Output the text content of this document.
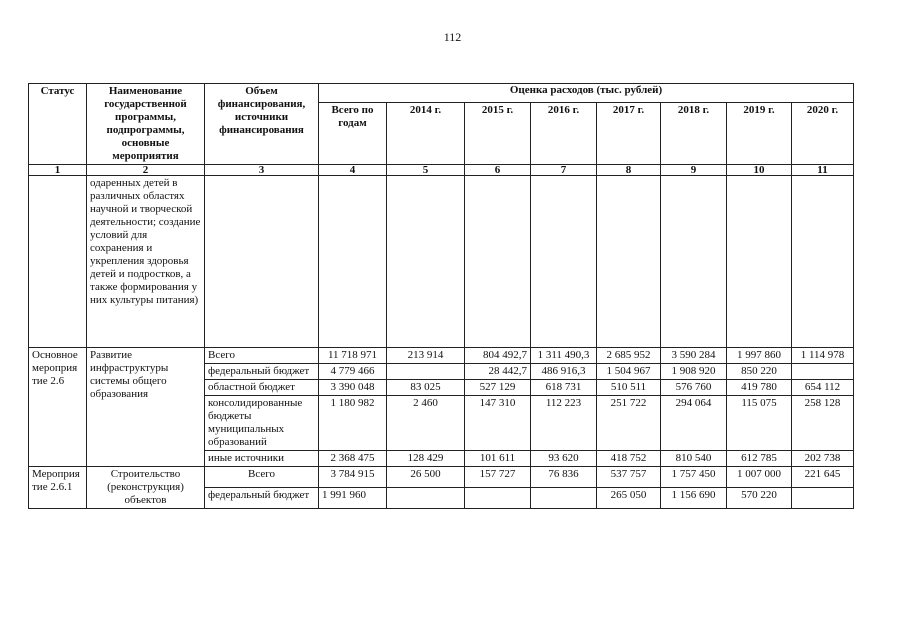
112
Статус	Наименование государственной программы, подпрограммы, основные мероприятия	Объем финансирования, источники финансирования	Оценка расходов (тыс. рублей)							
			Всего по годам	2014 г.	2015 г.	2016 г.	2017 г.	2018 г.	2019 г.	2020 г.
1	2	3	4	5	6	7	8	9	10	11
	одаренных детей в различных областях научной и творческой деятельности; создание условий для сохранения и укрепления здоровья детей и подростков, а также формирования у них культуры питания)									
Основное мероприя тие 2.6	Развитие инфраструктуры системы общего образования	Всего	11 718 971	213 914	804 492,7	1 311 490,3	2 685 952	3 590 284	1 997 860	1 114 978
		федеральный бюджет	4 779 466		28 442,7	486 916,3	1 504 967	1 908 920	850 220	
		областной бюджет	3 390 048	83 025	527 129	618 731	510 511	576 760	419 780	654 112
		консолидированные бюджеты муниципальных образований	1 180 982	2 460	147 310	112 223	251 722	294 064	115 075	258 128
		иные источники	2 368 475	128 429	101 611	93 620	418 752	810 540	612 785	202 738
Мероприя тие 2.6.1	Строительство (реконструкция) объектов	Всего	3 784 915	26 500	157 727	76 836	537 757	1 757 450	1 007 000	221 645
		федеральный бюджет	1 991 960				265 050	1 156 690	570 220	
